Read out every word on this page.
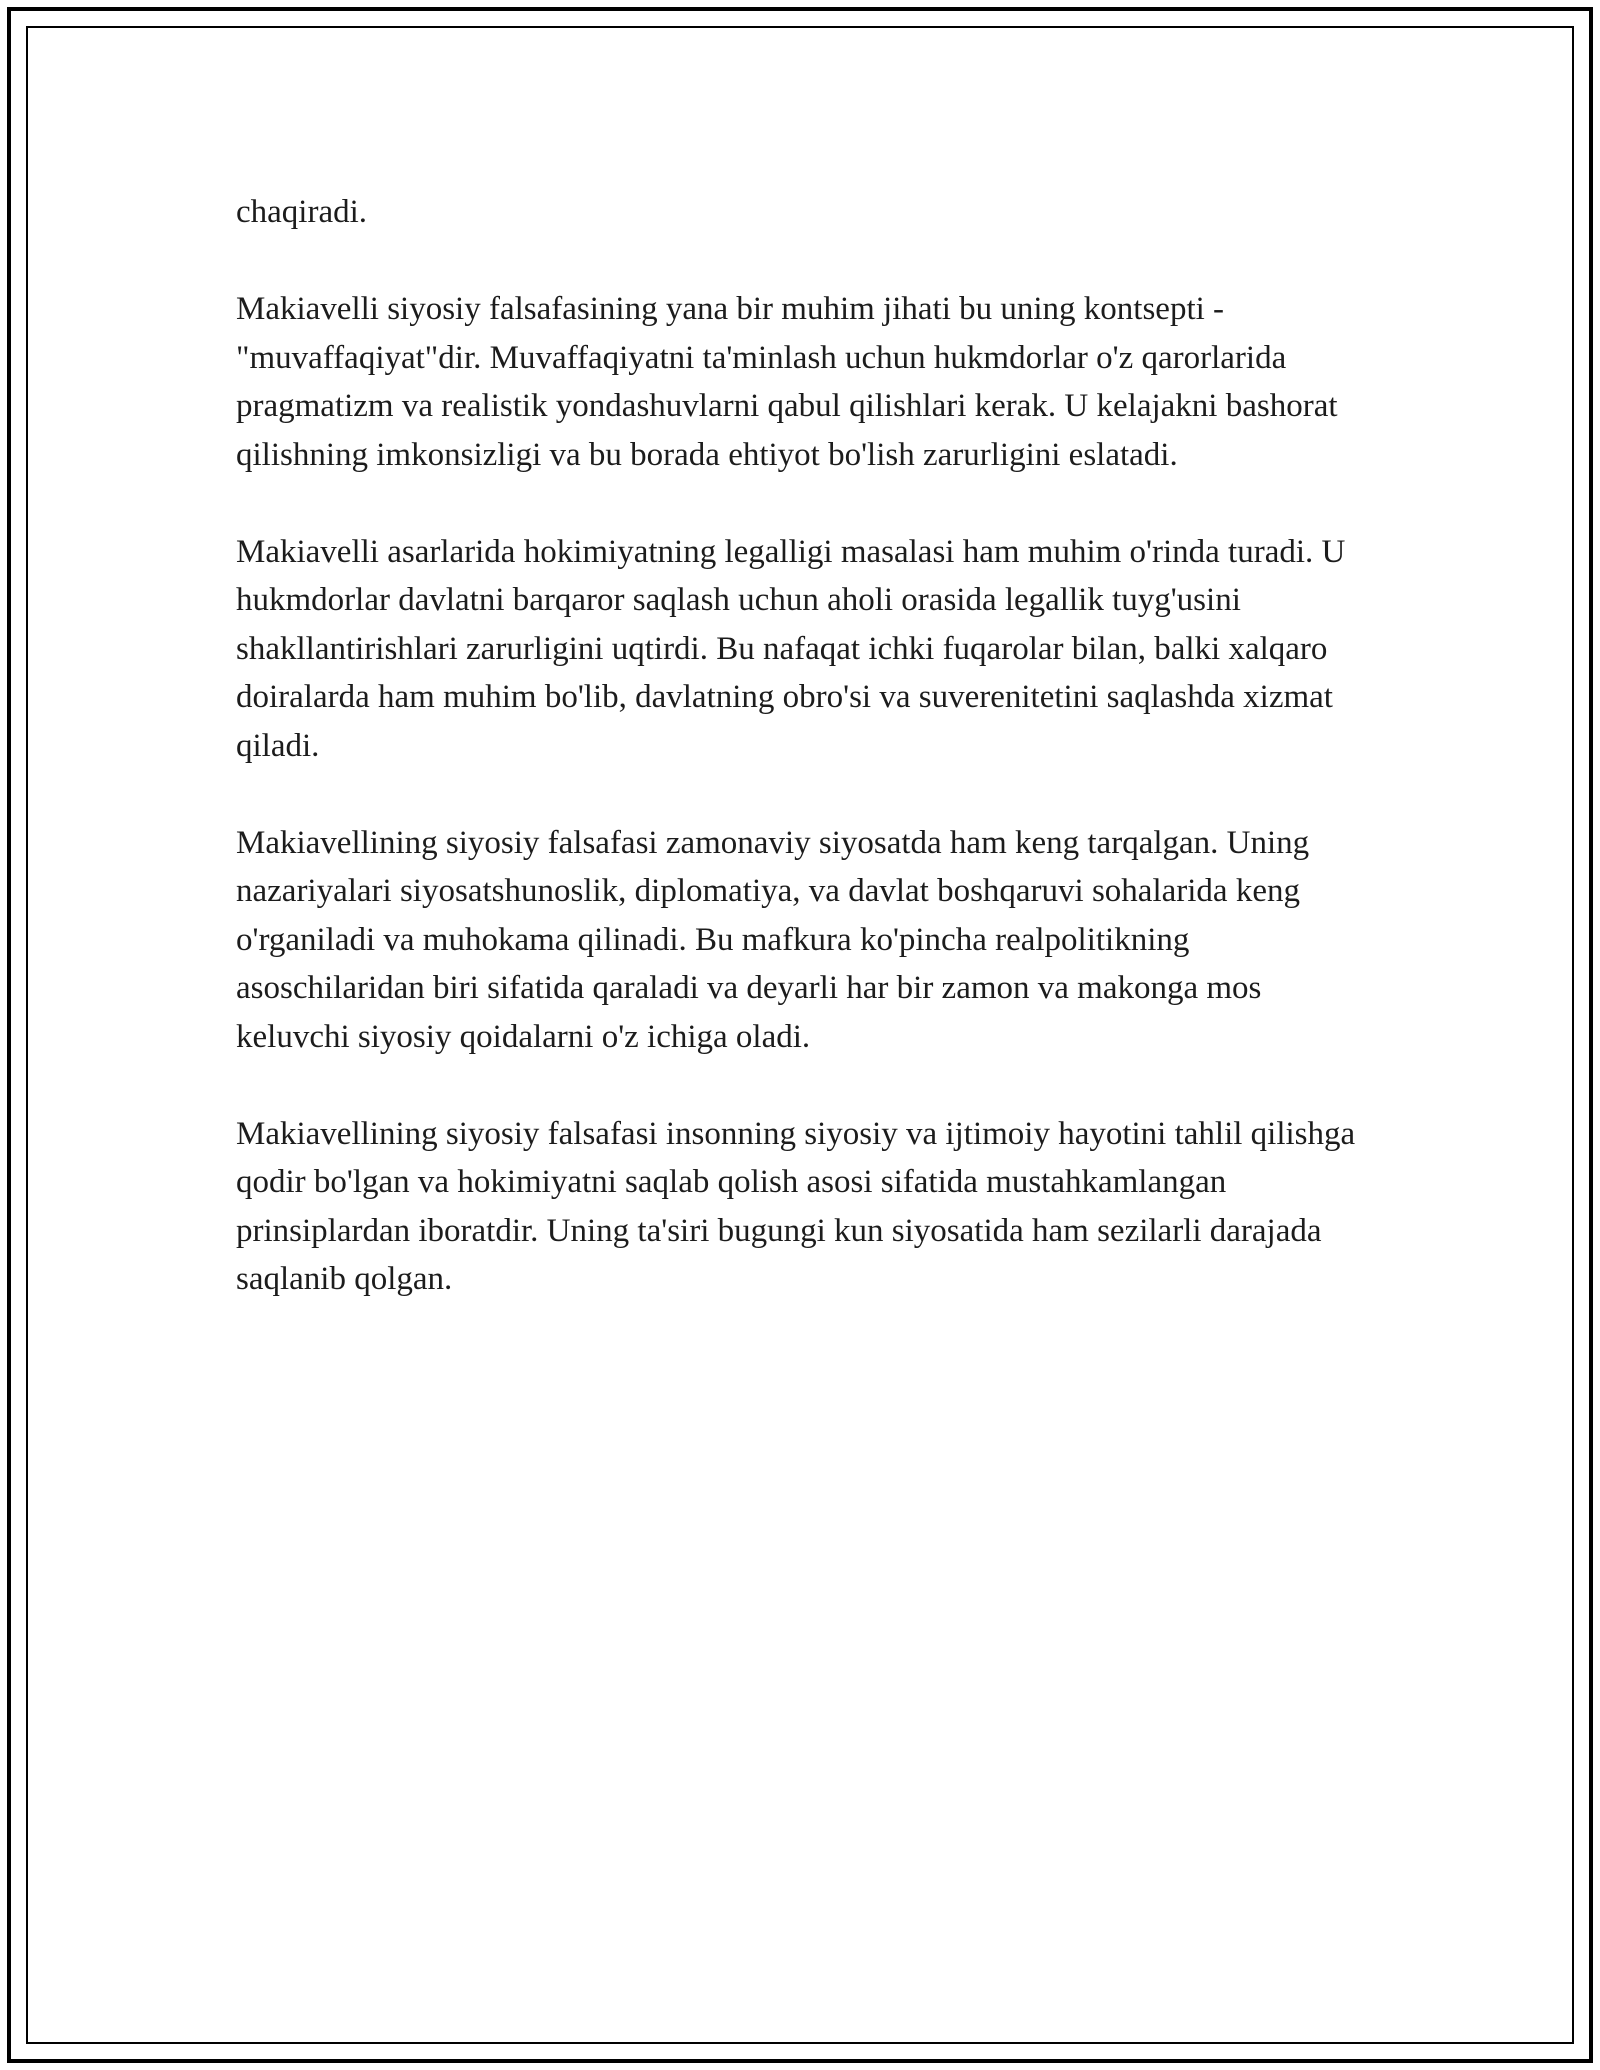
chaqiradi.

Makiavelli siyosiy falsafasining yana bir muhim jihati bu uning kontsepti - "muvaffaqiyat"dir. Muvaffaqiyatni ta'minlash uchun hukmdorlar o'z qarorlarida pragmatizm va realistik yondashuvlarni qabul qilishlari kerak. U kelajakni bashorat qilishning imkonsizligi va bu borada ehtiyot bo'lish zarurligini eslatadi.

Makiavelli asarlarida hokimiyatning legalligi masalasi ham muhim o'rinda turadi. U hukmdorlar davlatni barqaror saqlash uchun aholi orasida legallik tuyg'usini shakllantirishlari zarurligini uqtirdi. Bu nafaqat ichki fuqarolar bilan, balki xalqaro doiralarda ham muhim bo'lib, davlatning obro'si va suverenitetini saqlashda xizmat qiladi.

Makiavellining siyosiy falsafasi zamonaviy siyosatda ham keng tarqalgan. Uning nazariyalari siyosatshunoslik, diplomatiya, va davlat boshqaruvi sohalarida keng o'rganiladi va muhokama qilinadi. Bu mafkura ko'pincha realpolitikning asoschilaridan biri sifatida qaraladi va deyarli har bir zamon va makonga mos keluvchi siyosiy qoidalarni o'z ichiga oladi.

Makiavellining siyosiy falsafasi insonning siyosiy va ijtimoiy hayotini tahlil qilishga qodir bo'lgan va hokimiyatni saqlab qolish asosi sifatida mustahkamlangan prinsiplardan iboratdir. Uning ta'siri bugungi kun siyosatida ham sezilarli darajada saqlanib qolgan.
